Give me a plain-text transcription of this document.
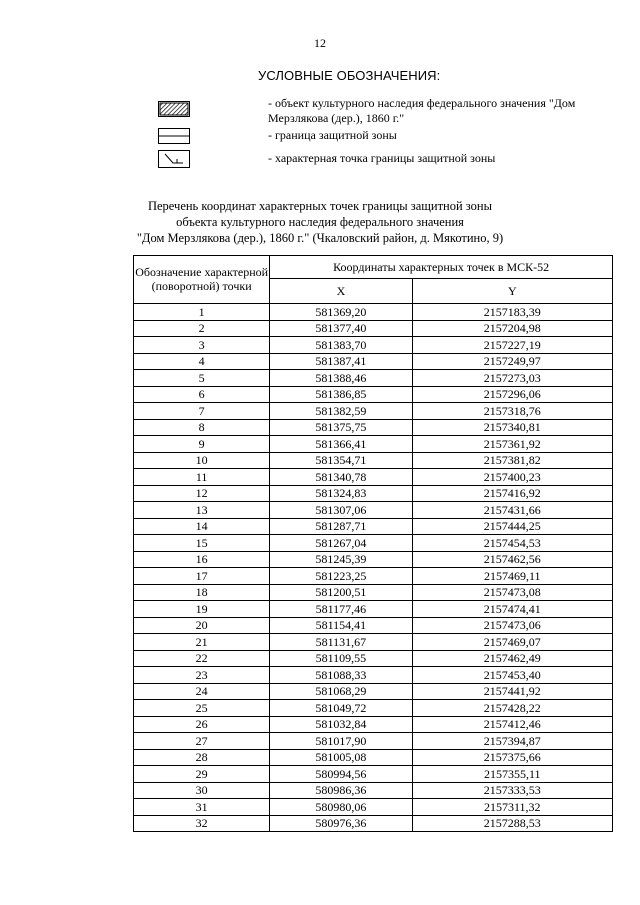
12
УСЛОВНЫЕ ОБОЗНАЧЕНИЯ:
- объект культурного наследия федерального значения "Дом Мерзлякова (дер.), 1860 г."
- граница защитной зоны
- характерная точка границы защитной зоны
Перечень координат характерных точек границы защитной зоны
объекта культурного наследия федерального значения
"Дом Мерзлякова (дер.), 1860 г." (Чкаловский район, д. Мякотино, 9)
Обозначение характерной (поворотной) точки	Координаты характерных точек в МСК-52	
	X	Y
1	581369,20	2157183,39
2	581377,40	2157204,98
3	581383,70	2157227,19
4	581387,41	2157249,97
5	581388,46	2157273,03
6	581386,85	2157296,06
7	581382,59	2157318,76
8	581375,75	2157340,81
9	581366,41	2157361,92
10	581354,71	2157381,82
11	581340,78	2157400,23
12	581324,83	2157416,92
13	581307,06	2157431,66
14	581287,71	2157444,25
15	581267,04	2157454,53
16	581245,39	2157462,56
17	581223,25	2157469,11
18	581200,51	2157473,08
19	581177,46	2157474,41
20	581154,41	2157473,06
21	581131,67	2157469,07
22	581109,55	2157462,49
23	581088,33	2157453,40
24	581068,29	2157441,92
25	581049,72	2157428,22
26	581032,84	2157412,46
27	581017,90	2157394,87
28	581005,08	2157375,66
29	580994,56	2157355,11
30	580986,36	2157333,53
31	580980,06	2157311,32
32	580976,36	2157288,53
